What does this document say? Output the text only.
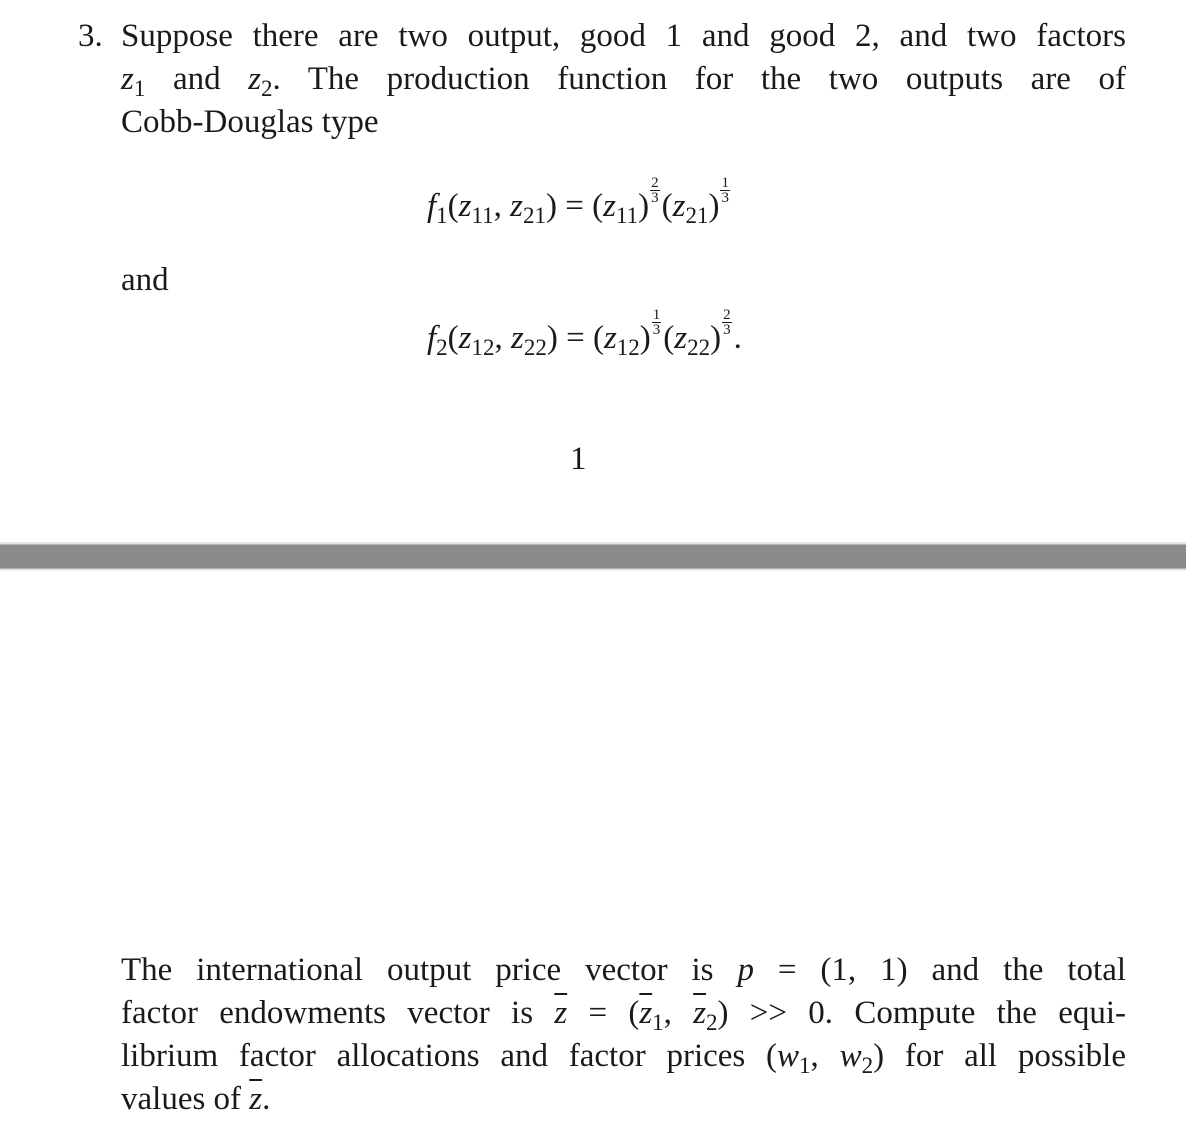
3. Suppose there are two output, good 1 and good 2, and two factors
$z_1$ and $z_2$. The production function for the two outputs are of
Cobb-Douglas type
$f_1(z_{11}$, $z_{21}) = (z_{11}) \frac{2}{3} (z_{21}) \frac{1}{3}$
and
$f_2(z_{12}$, $z_{22}) = (z_{12}) \frac{1}{3} (z_{22}) \frac{2}{3}$ .
1
The international output price vector is p = (1, 1) and the total
factor endowments vector is $\overline{z} = (\overline{z}_1$, $\overline{z}_2) >> 0$. Compute the equi-
librium factor allocations and factor prices ($w_1$, $w_2$) for all possible
values of $\overline{z}$.
